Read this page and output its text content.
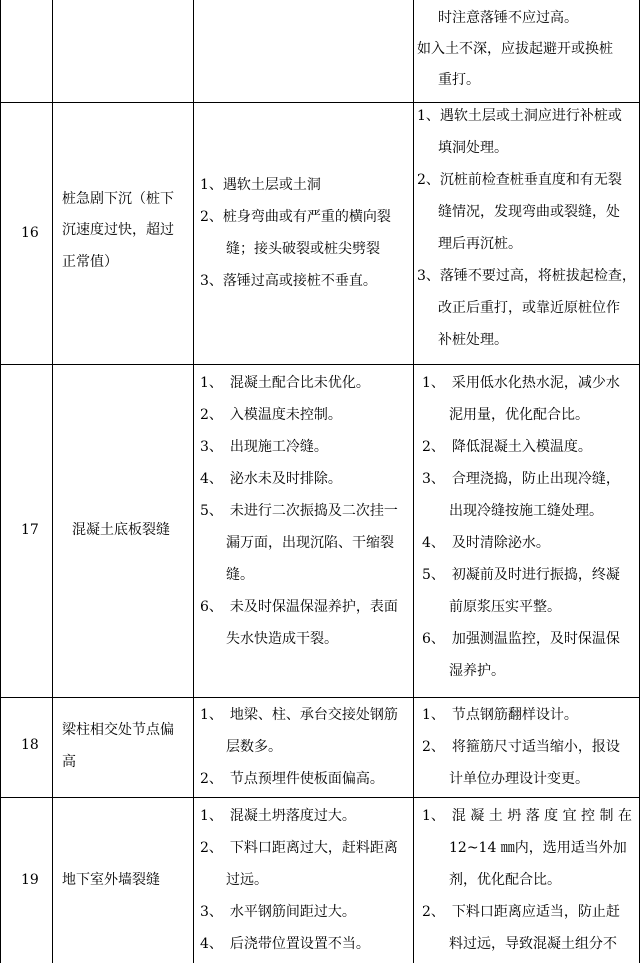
时注意落锤不应过高。
如入土不深，应拔起避开或换桩
重打。
16
桩急剧下沉（桩下
沉速度过快，超过
正常值）
1、遇软土层或土洞
2、桩身弯曲或有严重的横向裂
缝；接头破裂或桩尖劈裂
3、落锤过高或接桩不垂直。
1、遇软土层或土洞应进行补桩或
填洞处理。
2、沉桩前检查桩垂直度和有无裂
缝情况，发现弯曲或裂缝，处
理后再沉桩。
3、落锤不要过高，将桩拔起检查，
改正后重打，或靠近原桩位作
补桩处理。
17 混凝土底板裂缝
1、　混凝土配合比未优化。
2、　入模温度未控制。
3、　出现施工冷缝。
4、　泌水未及时排除。
5、　未进行二次振捣及二次挂一
漏万面，出现沉陷、干缩裂
缝。
6、　未及时保温保湿养护，表面
失水快造成干裂。
1、　采用低水化热水泥，减少水
泥用量，优化配合比。
2、　降低混凝土入模温度。
3、　合理浇捣，防止出现冷缝，
出现冷缝按施工缝处理。
4、　及时清除泌水。
5、　初凝前及时进行振捣，终凝
前原浆压实平整。
6、　加强测温监控，及时保温保
湿养护。
18
梁柱相交处节点偏
高
1、　地梁、柱、承台交接处钢筋
层数多。
2、　节点预埋件使板面偏高。
1、　节点钢筋翻样设计。
2、　将箍筋尺寸适当缩小，报设
计单位办理设计变更。
19 地下室外墙裂缝
1、　混凝土坍落度过大。
2、　下料口距离过大，赶料距离
过远。
3、　水平钢筋间距过大。
4、　后浇带位置设置不当。
1、　混 凝 土 坍 落 度 宜 控 制 在
12~14 ㎜内，选用适当外加
剂，优化配合比。
2、　下料口距离应适当，防止赶
料过远，导致混凝土组分不
